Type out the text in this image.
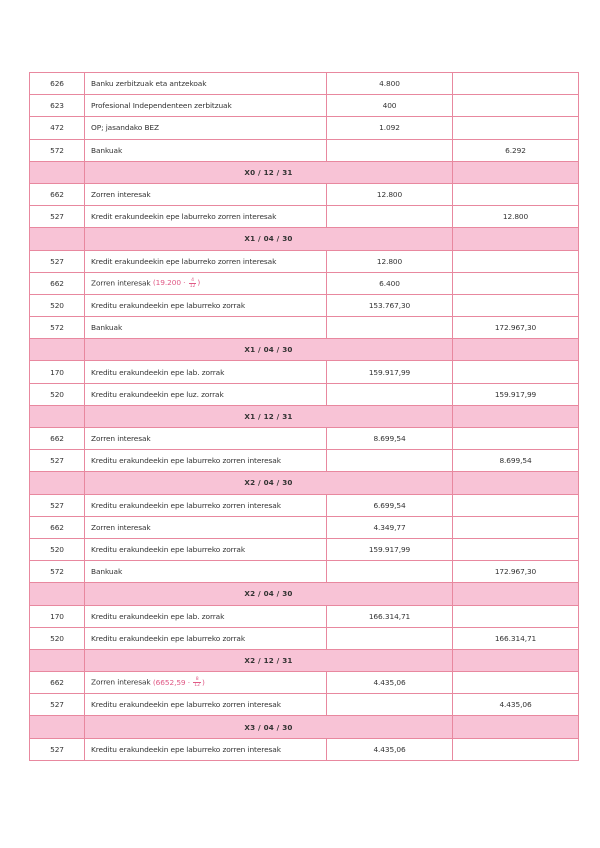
626	Banku zerbitzuak eta antzekoak	4.800	
623	Profesional Independenteen zerbitzuak	400	
472	OP; jasandako BEZ	1.092	
572	Bankuak		6.292
	X0 / 12 / 31		
662	Zorren interesak	12.800	
527	Kredit erakundeekin epe laburreko zorren interesak		12.800
	X1 / 04 / 30		
527	Kredit erakundeekin epe laburreko zorren interesak	12.800	
662	Zorren interesak ($19.200 \cdot \frac{4}{12}$ )	6.400	
520	Kreditu erakundeekin epe laburreko zorrak	153.767,30	
572	Bankuak		172.967,30
	X1 / 04 / 30		
170	Kreditu erakundeekin epe lab. zorrak	159.917,99	
520	Kreditu erakundeekin epe luz. zorrak		159.917,99
	X1 / 12 / 31		
662	Zorren interesak	8.699,54	
527	Kreditu erakundeekin epe laburreko zorren interesak		8.699,54
	X2 / 04 / 30		
527	Kreditu erakundeekin epe laburreko zorren interesak	6.699,54	
662	Zorren interesak	4.349,77	
520	Kreditu erakundeekin epe laburreko zorrak	159.917,99	
572	Bankuak		172.967,30
	X2 / 04 / 30		
170	Kreditu erakundeekin epe lab. zorrak	166.314,71	
520	Kreditu erakundeekin epe laburreko zorrak		166.314,71
	X2 / 12 / 31		
662	Zorren interesak ($6652,59 \cdot \frac{8}{12}$ )	4.435,06	
527	Kreditu erakundeekin epe laburreko zorren interesak		4.435,06
	X3 / 04 / 30		
527	Kreditu erakundeekin epe laburreko zorren interesak	4.435,06	
